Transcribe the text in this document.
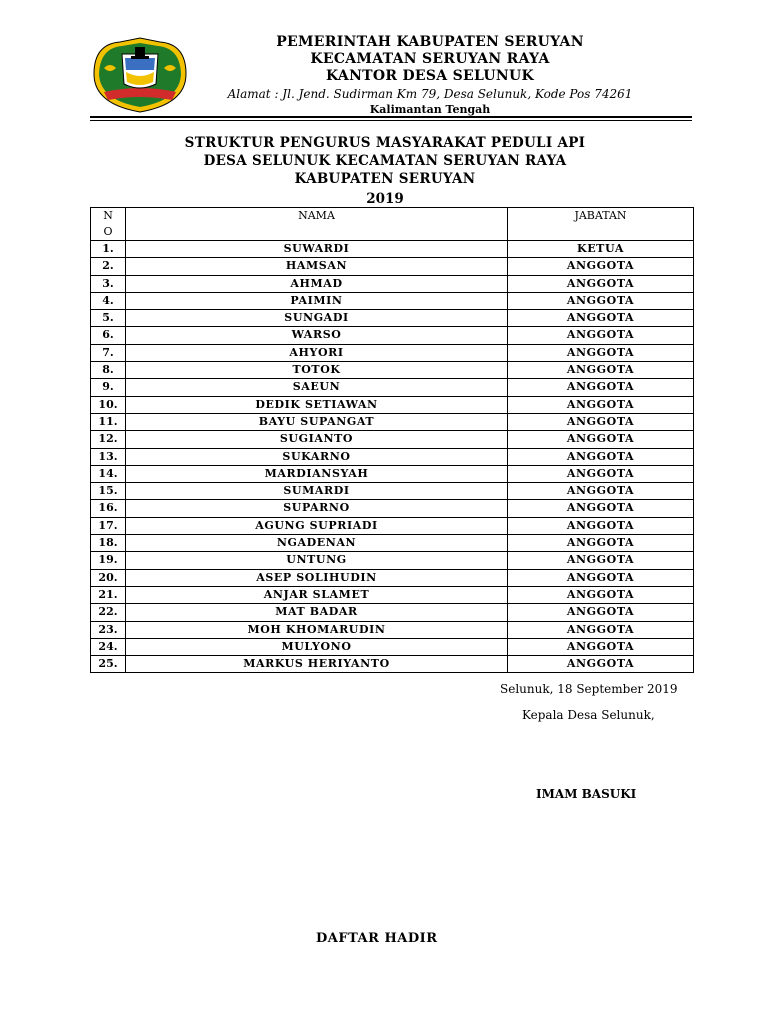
PEMERINTAH KABUPATEN SERUYAN
KECAMATAN SERUYAN RAYA
KANTOR DESA SELUNUK
Alamat : Jl. Jend. Sudirman Km 79, Desa Selunuk, Kode Pos 74261
Kalimantan Tengah
STRUKTUR PENGURUS MASYARAKAT PEDULI API
DESA SELUNUK KECAMATAN SERUYAN RAYA
KABUPATEN SERUYAN
2019
N
O	NAMA	JABATAN
1.	SUWARDI	KETUA
2.	HAMSAN	ANGGOTA
3.	AHMAD	ANGGOTA
4.	PAIMIN	ANGGOTA
5.	SUNGADI	ANGGOTA
6.	WARSO	ANGGOTA
7.	AHYORI	ANGGOTA
8.	TOTOK	ANGGOTA
9.	SAEUN	ANGGOTA
10.	DEDIK SETIAWAN	ANGGOTA
11.	BAYU SUPANGAT	ANGGOTA
12.	SUGIANTO	ANGGOTA
13.	SUKARNO	ANGGOTA
14.	MARDIANSYAH	ANGGOTA
15.	SUMARDI	ANGGOTA
16.	SUPARNO	ANGGOTA
17.	AGUNG SUPRIADI	ANGGOTA
18.	NGADENAN	ANGGOTA
19.	UNTUNG	ANGGOTA
20.	ASEP SOLIHUDIN	ANGGOTA
21.	ANJAR SLAMET	ANGGOTA
22.	MAT BADAR	ANGGOTA
23.	MOH KHOMARUDIN	ANGGOTA
24.	MULYONO	ANGGOTA
25.	MARKUS HERIYANTO	ANGGOTA
Selunuk, 18 September 2019
Kepala Desa Selunuk,
IMAM BASUKI
DAFTAR HADIR
